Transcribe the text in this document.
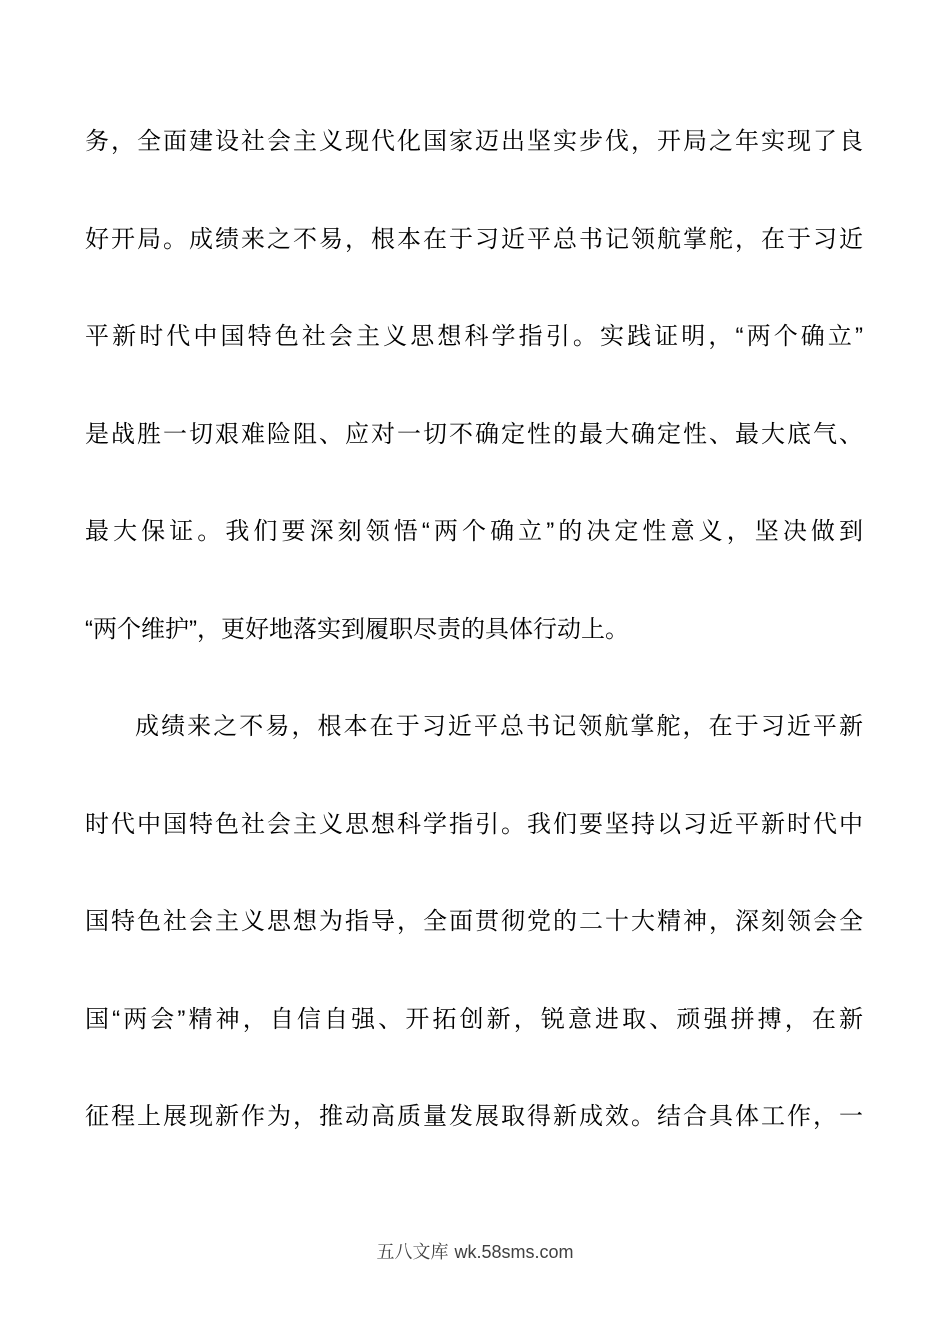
务，全面建设社会主义现代化国家迈出坚实步伐，开局之年实现了良
好开局。成绩来之不易，根本在于习近平总书记领航掌舵，在于习近
平新时代中国特色社会主义思想科学指引。实践证明，“两个确立”
是战胜一切艰难险阻、应对一切不确定性的最大确定性、最大底气、
最大保证。我们要深刻领悟“两个确立”的决定性意义，坚决做到
“两个维护”，更好地落实到履职尽责的具体行动上。
成绩来之不易，根本在于习近平总书记领航掌舵，在于习近平新
时代中国特色社会主义思想科学指引。我们要坚持以习近平新时代中
国特色社会主义思想为指导，全面贯彻党的二十大精神，深刻领会全
国“两会”精神，自信自强、开拓创新，锐意进取、顽强拼搏，在新
征程上展现新作为，推动高质量发展取得新成效。结合具体工作，一
五八文库 wk.58sms.com
